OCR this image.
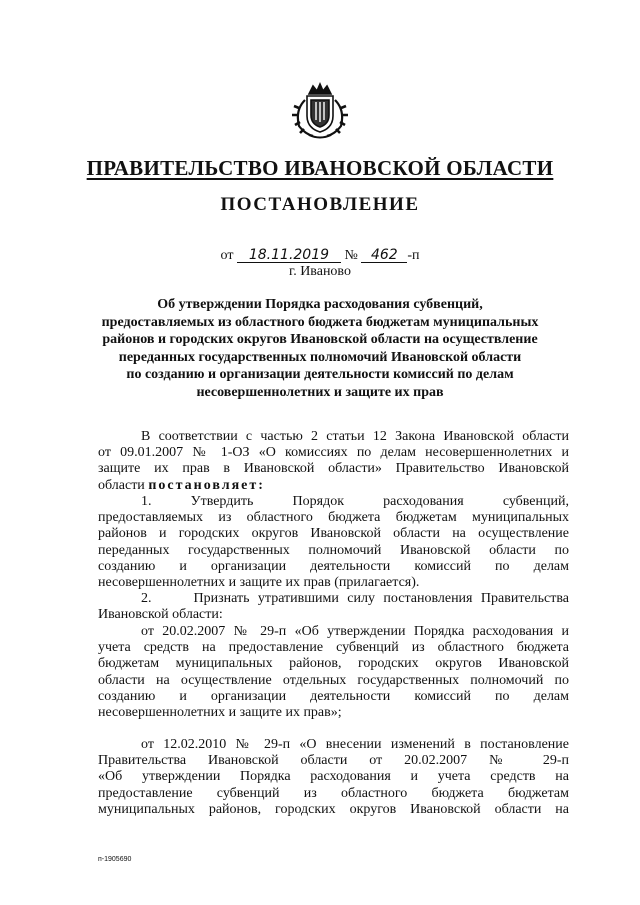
ПРАВИТЕЛЬСТВО ИВАНОВСКОЙ ОБЛАСТИ
ПОСТАНОВЛЕНИЕ
от 18.11.2019 № 462 -п
г. Иваново
Об утверждении Порядка расходования субвенций,
предоставляемых из областного бюджета бюджетам муниципальных
районов и городских округов Ивановской области на осуществление
переданных государственных полномочий Ивановской области
по созданию и организации деятельности комиссий по делам
несовершеннолетних и защите их прав
В соответствии с частью 2 статьи 12 Закона Ивановской области
от 09.01.2007 № 1-ОЗ «О комиссиях по делам несовершеннолетних и
защите их прав в Ивановской области» Правительство Ивановской
области постановляет:
1.     Утвердить     Порядок     расходования     субвенций,
предоставляемых из областного бюджета бюджетам муниципальных
районов и городских округов Ивановской области на осуществление
переданных государственных полномочий Ивановской области по
созданию и организации деятельности комиссий по делам
несовершеннолетних и защите их прав (прилагается).
2.     Признать утратившими силу постановления Правительства
Ивановской области:
от 20.02.2007 № 29-п «Об утверждении Порядка расходования и
учета средств на предоставление субвенций из областного бюджета
бюджетам муниципальных районов, городских округов Ивановской
области на осуществление отдельных государственных полномочий по
созданию и организации деятельности комиссий по делам
несовершеннолетних и защите их прав»;
от 12.02.2010 № 29-п «О внесении изменений в постановление
Правительства Ивановской области от 20.02.2007 № 29-п
«Об утверждении Порядка расходования и учета средств на
предоставление субвенций из областного бюджета бюджетам
муниципальных районов, городских округов Ивановской области на
п-1905690
